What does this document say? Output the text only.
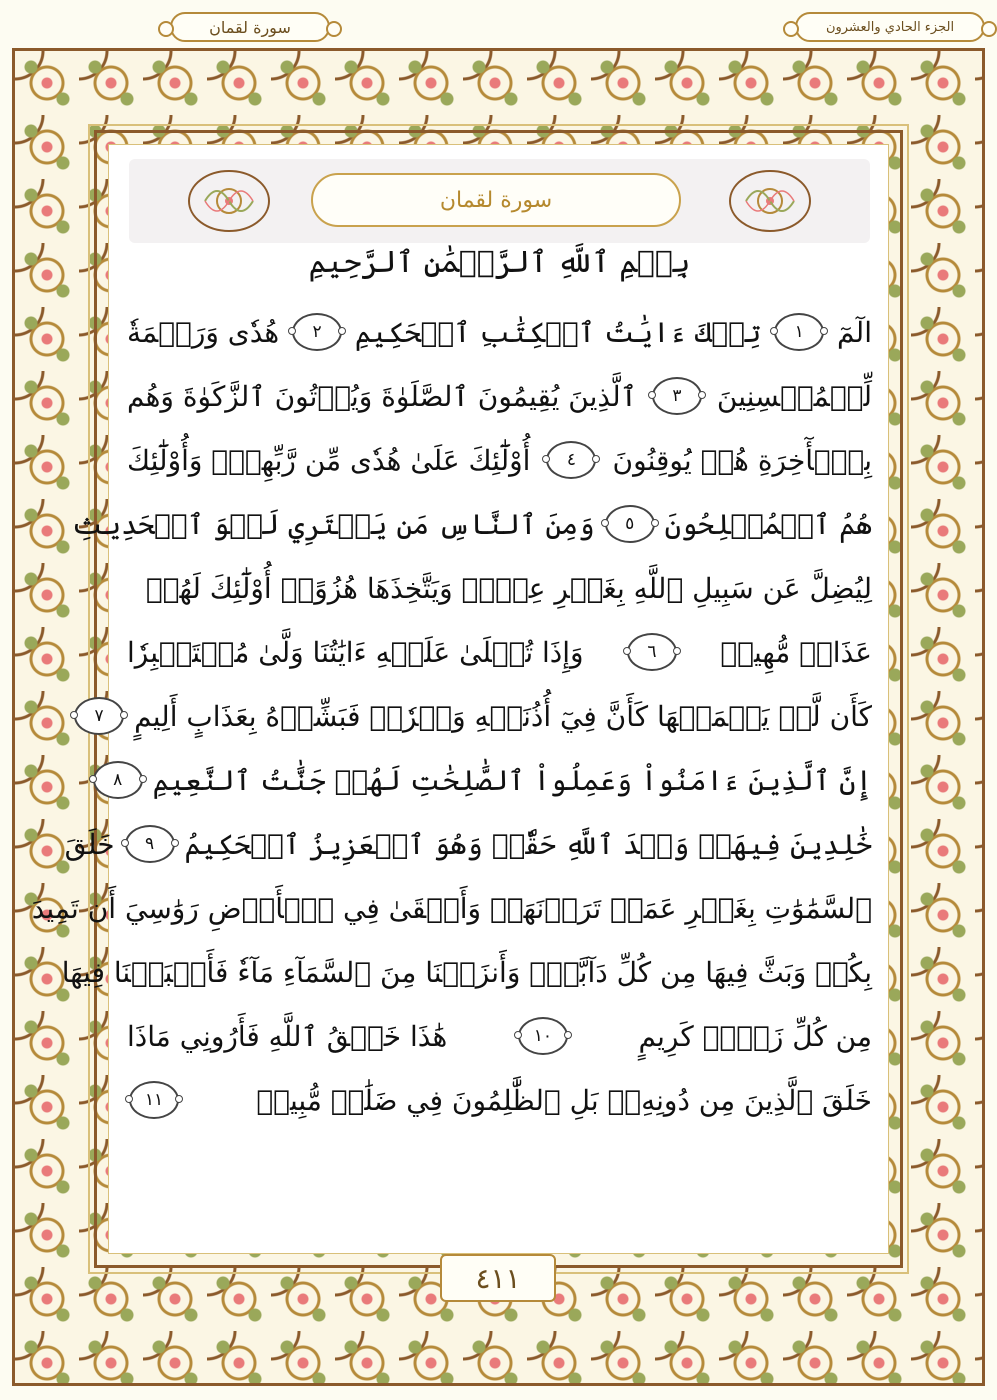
الجزء الحادي والعشرون
سورة لقمان
سورة لقمان
بِسۡمِ ٱللَّهِ ٱلرَّحۡمَٰنِ ٱلرَّحِيمِ
الٓمٓ
١
تِلۡكَ ءَايَٰتُ ٱلۡكِتَٰبِ ٱلۡحَكِيمِ
٢
هُدٗى وَرَحۡمَةٗ
لِّلۡمُحۡسِنِينَ
٣
ٱلَّذِينَ يُقِيمُونَ ٱلصَّلَوٰةَ وَيُؤۡتُونَ ٱلزَّكَوٰةَ وَهُم
بِٱلۡأٓخِرَةِ هُمۡ يُوقِنُونَ
٤
أُوْلَٰٓئِكَ عَلَىٰ هُدٗى مِّن رَّبِّهِمۡۖ وَأُوْلَٰٓئِكَ
هُمُ ٱلۡمُفۡلِحُونَ
٥
وَمِنَ ٱلنَّاسِ مَن يَشۡتَرِي لَهۡوَ ٱلۡحَدِيثِ
لِيُضِلَّ عَن سَبِيلِ ٱللَّهِ بِغَيۡرِ عِلۡمٖ وَيَتَّخِذَهَا هُزُوًاۚ أُوْلَٰٓئِكَ لَهُمۡ
عَذَابٞ مُّهِينٞ
٦
وَإِذَا تُتۡلَىٰ عَلَيۡهِ ءَايَٰتُنَا وَلَّىٰ مُسۡتَكۡبِرٗا
كَأَن لَّمۡ يَسۡمَعۡهَا كَأَنَّ فِيٓ أُذُنَيۡهِ وَقۡرٗاۖ فَبَشِّرۡهُ بِعَذَابٍ أَلِيمٍ
٧
إِنَّ ٱلَّذِينَ ءَامَنُواْ وَعَمِلُواْ ٱلصَّٰلِحَٰتِ لَهُمۡ جَنَّٰتُ ٱلنَّعِيمِ
٨
خَٰلِدِينَ فِيهَاۖ وَعۡدَ ٱللَّهِ حَقّٗاۚ وَهُوَ ٱلۡعَزِيزُ ٱلۡحَكِيمُ
٩
خَلَقَ
ٱلسَّمَٰوَٰتِ بِغَيۡرِ عَمَدٖ تَرَوۡنَهَاۖ وَأَلۡقَىٰ فِي ٱلۡأَرۡضِ رَوَٰسِيَ أَن تَمِيدَ
بِكُمۡ وَبَثَّ فِيهَا مِن كُلِّ دَآبَّةٖۚ وَأَنزَلۡنَا مِنَ ٱلسَّمَآءِ مَآءٗ فَأَنۢبَتۡنَا فِيهَا
مِن كُلِّ زَوۡجٖ كَرِيمٍ
١٠
هَٰذَا خَلۡقُ ٱللَّهِ فَأَرُونِي مَاذَا
خَلَقَ ٱلَّذِينَ مِن دُونِهِۦۚ بَلِ ٱلظَّٰلِمُونَ فِي ضَلَٰلٖ مُّبِينٖ
١١
٤١١
